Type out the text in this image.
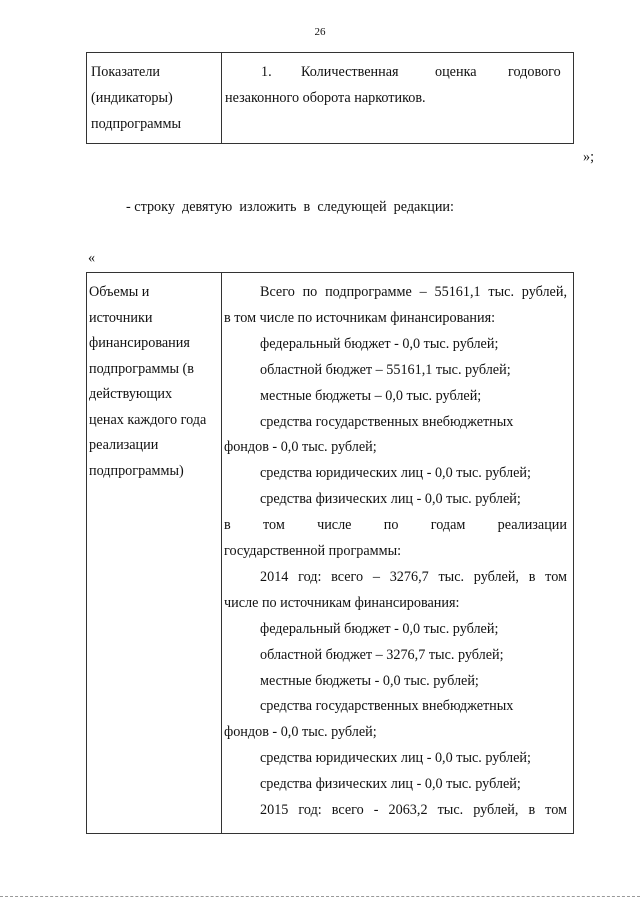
26
Показатели
(индикаторы)
подпрограммы
1. Количественная	оценка годового
незаконного оборота наркотиков.
»;
- строку  девятую  изложить  в  следующей  редакции:
«
Объемы и
источники
финансирования
подпрограммы (в
действующих
ценах каждого года
реализации
подпрограммы)
Всего по подпрограмме – 55161,1 тыс. рублей,
в том числе по источникам финансирования:
федеральный бюджет - 0,0 тыс. рублей;
областной бюджет – 55161,1 тыс. рублей;
местные бюджеты – 0,0 тыс. рублей;
средства государственных внебюджетных
фондов - 0,0 тыс. рублей;
средства юридических лиц - 0,0 тыс. рублей;
средства физических лиц - 0,0 тыс. рублей;
в      том      числе      по      годам      реализации
государственной программы:
2014 год: всего – 3276,7 тыс. рублей, в том
числе по источникам финансирования:
федеральный бюджет - 0,0 тыс. рублей;
областной бюджет – 3276,7 тыс. рублей;
местные бюджеты - 0,0 тыс. рублей;
средства государственных внебюджетных
фондов - 0,0 тыс. рублей;
средства юридических лиц - 0,0 тыс. рублей;
средства физических лиц - 0,0 тыс. рублей;
2015 год: всего - 2063,2 тыс. рублей, в том
